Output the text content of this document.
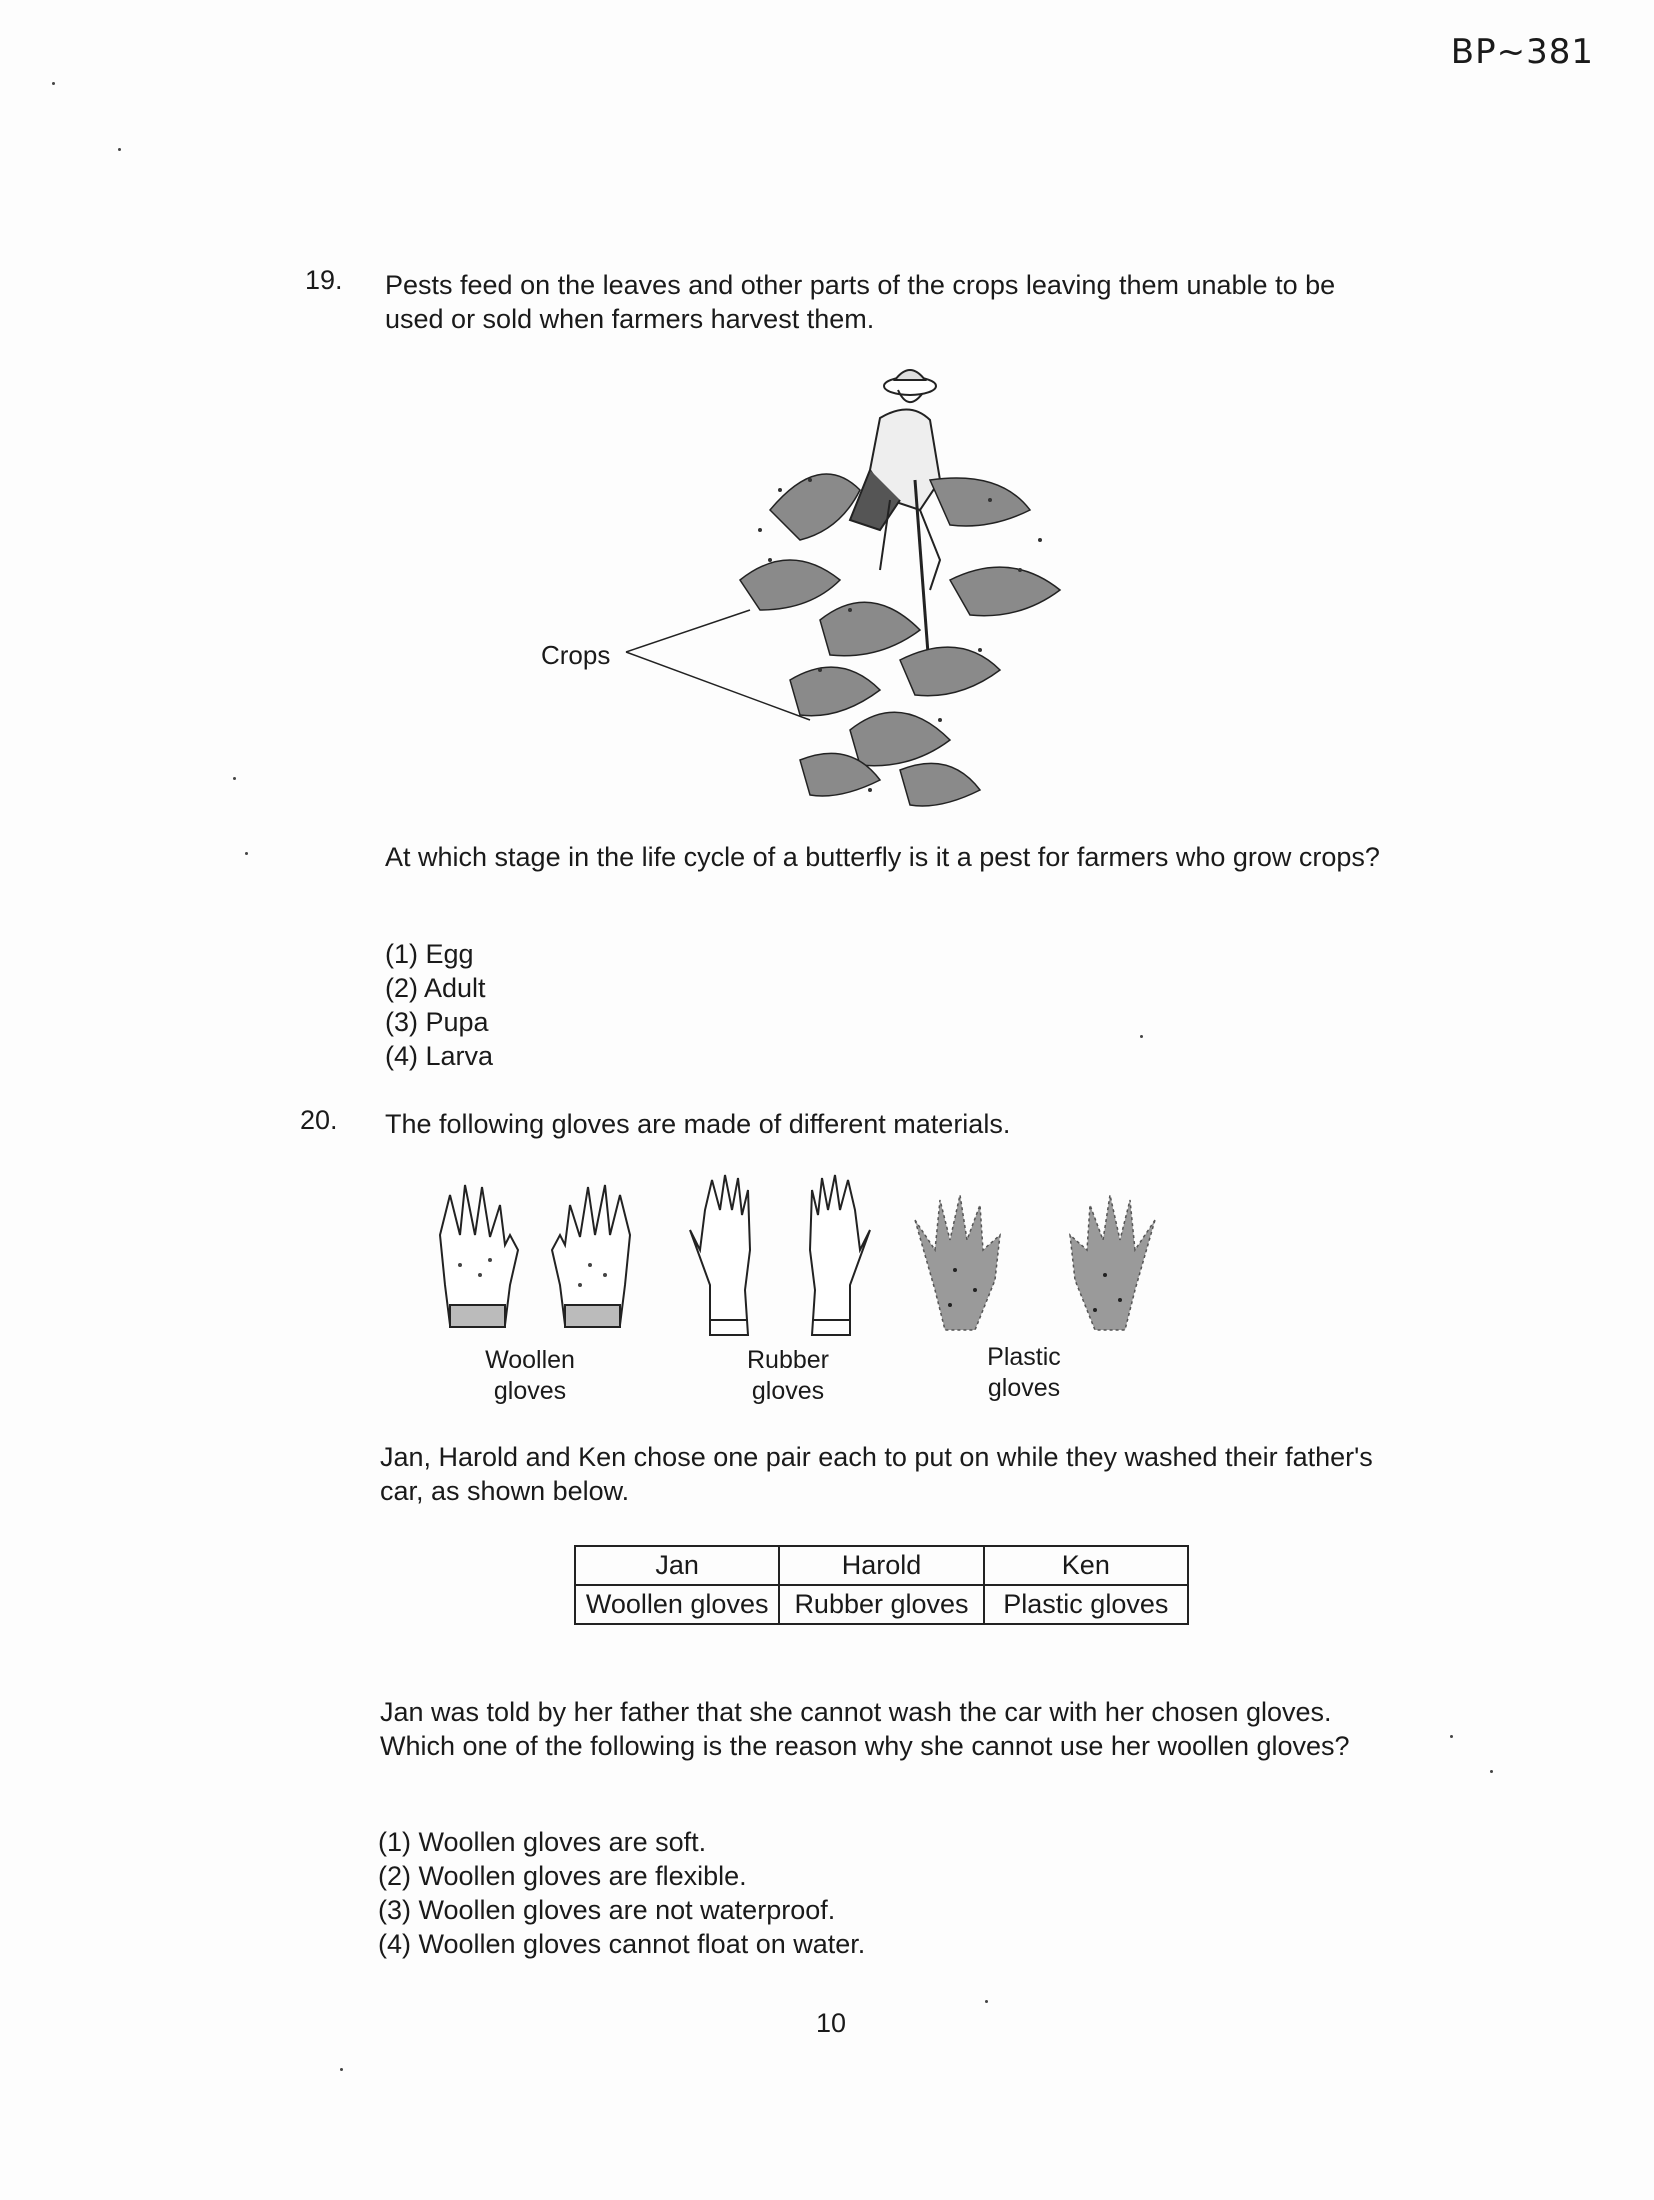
BP~381
19. Pests feed on the leaves and other parts of the crops leaving them unable to be used or sold when farmers harvest them.
Crops
At which stage in the life cycle of a butterfly is it a pest for farmers who grow crops?
(1) Egg
(2) Adult
(3) Pupa
(4) Larva
20. The following gloves are made of different materials.
Woollen
gloves
Rubber
gloves
Plastic
gloves
Jan, Harold and Ken chose one pair each to put on while they washed their father's car, as shown below.
Jan	Harold	Ken
Woollen gloves	Rubber gloves	Plastic gloves
Jan was told by her father that she cannot wash the car with her chosen gloves. Which one of the following is the reason why she cannot use her woollen gloves?
(1) Woollen gloves are soft.
(2) Woollen gloves are flexible.
(3) Woollen gloves are not waterproof.
(4) Woollen gloves cannot float on water.
10
